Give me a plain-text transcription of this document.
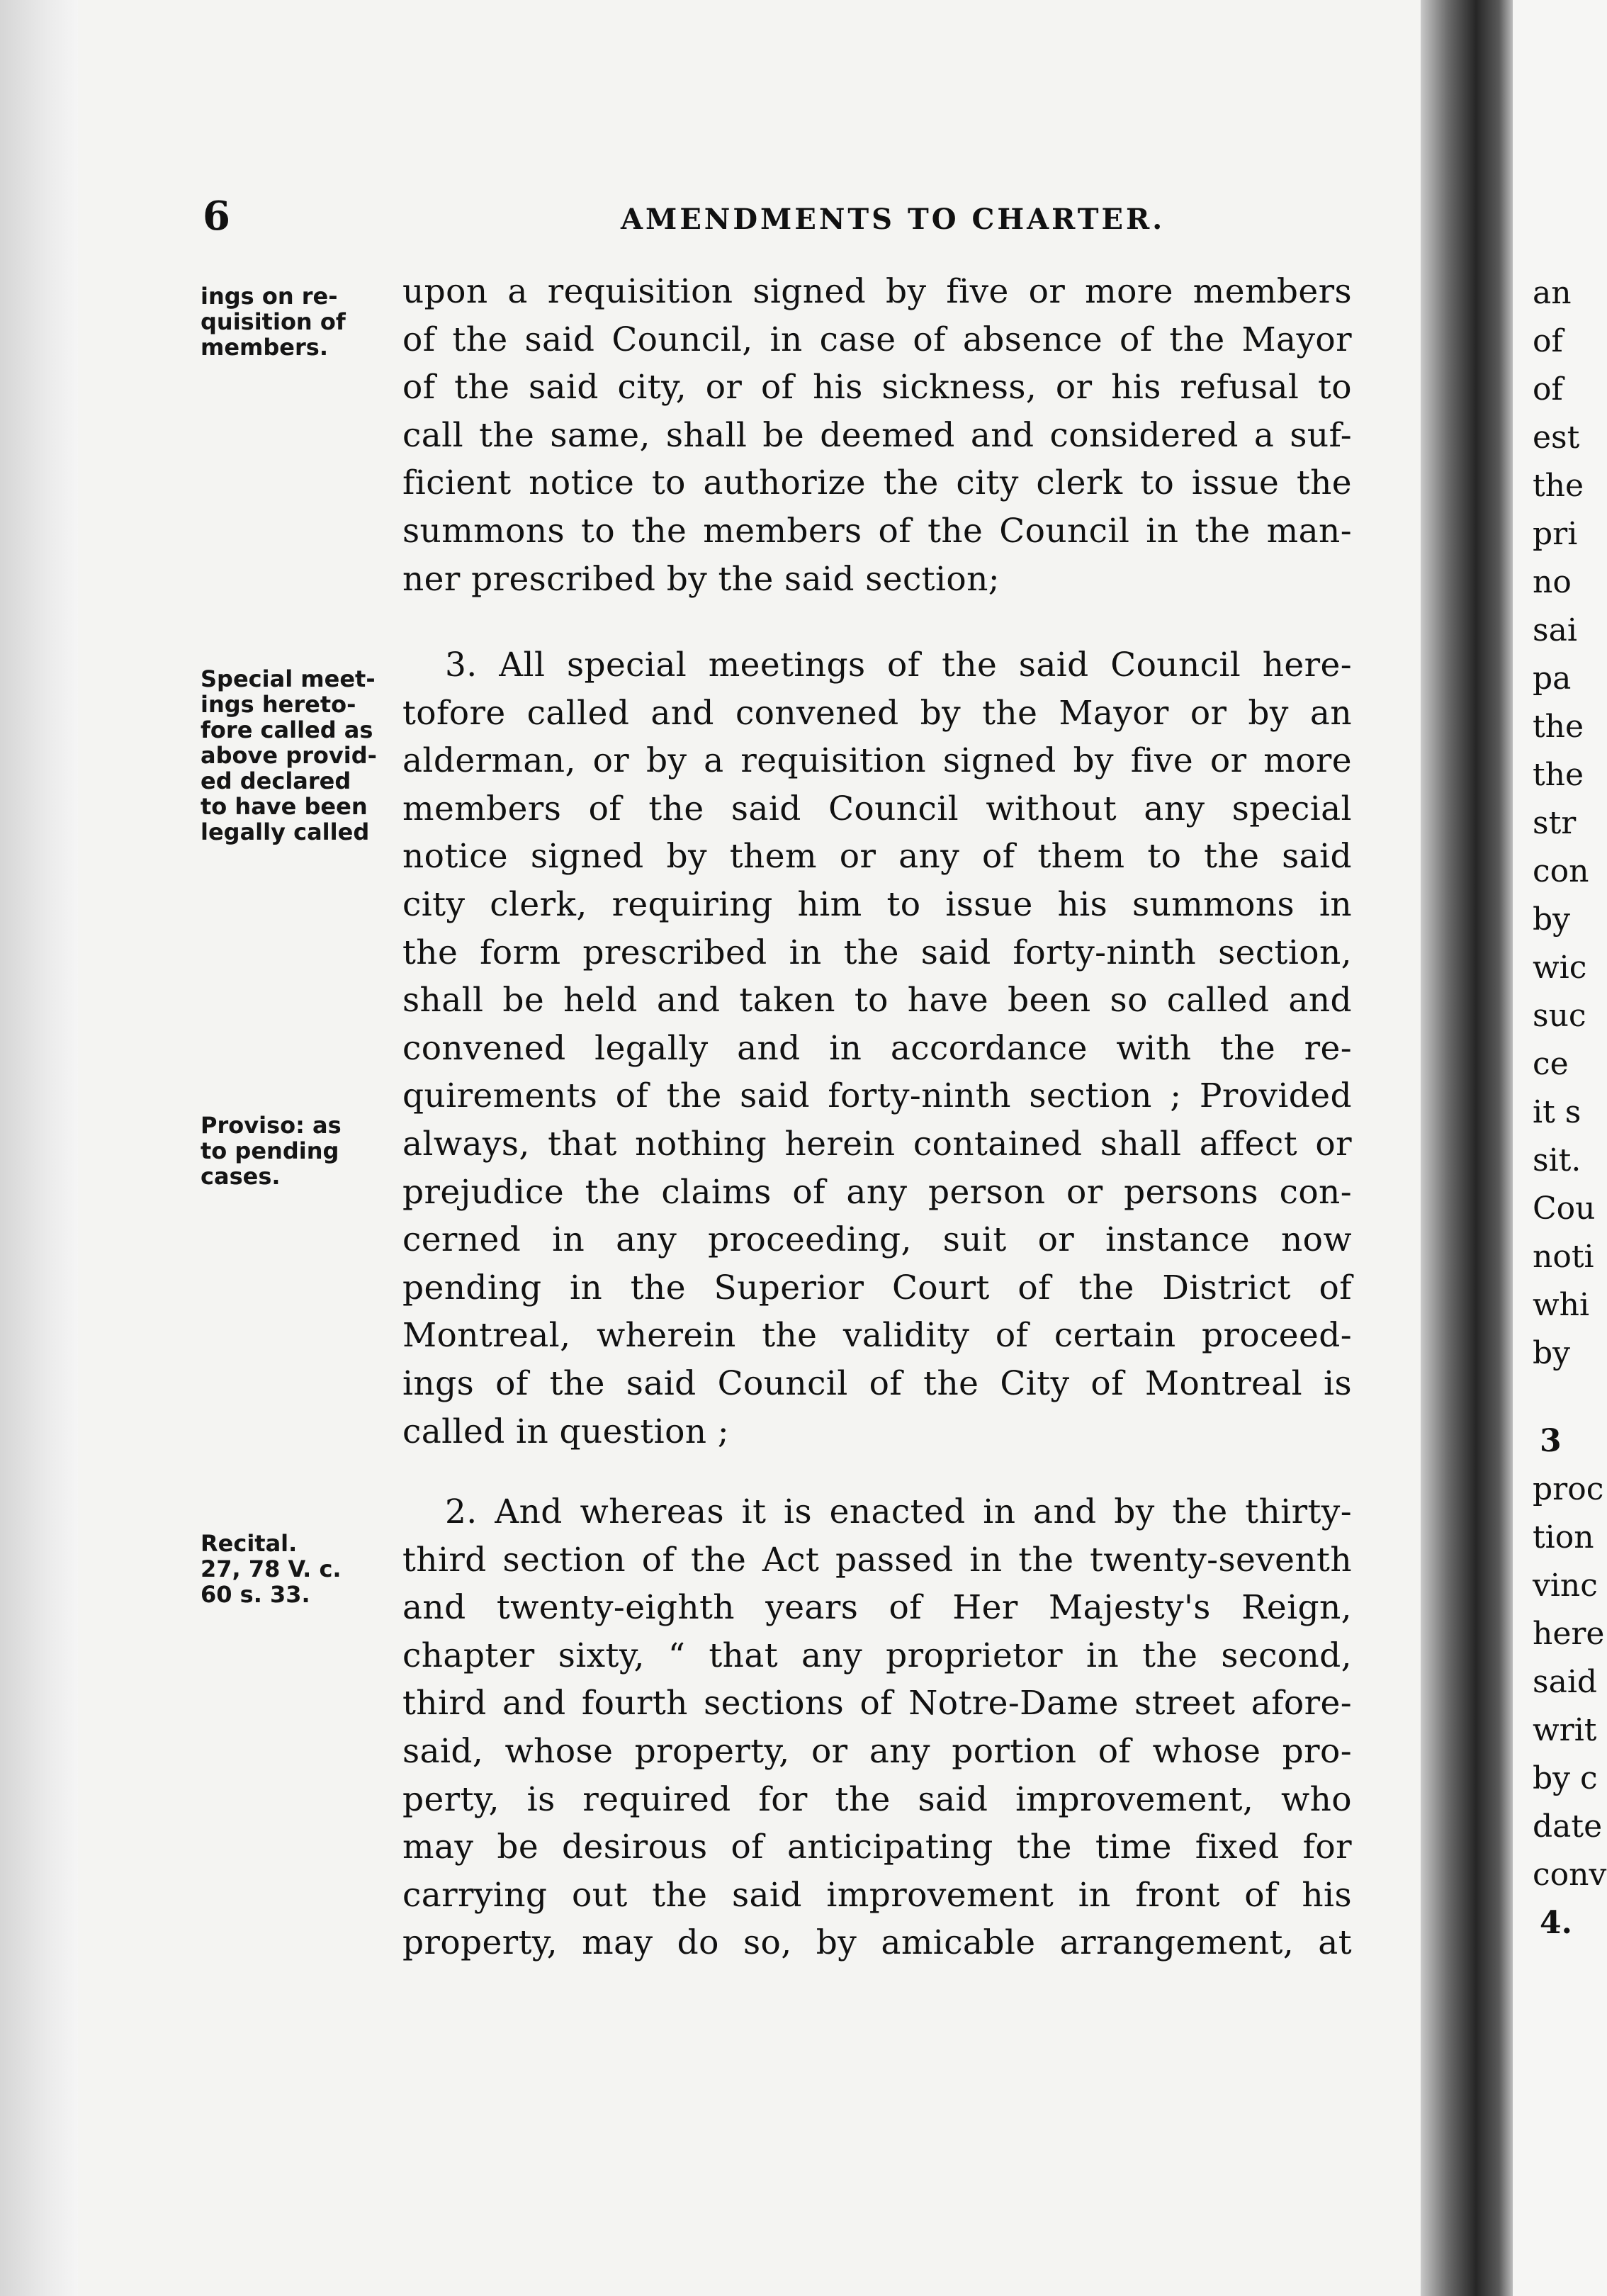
6	AMENDMENTS TO CHARTER.
ings on re-
quisition of
members.
Special meet-
ings hereto-
fore called as
above provid-
ed declared
to have been
legally called
Proviso: as
to pending
cases.
Recital.
27, 78 V. c.
60 s. 33.
upon a requisition signed by five or more members
of the said Council, in case of absence of the Mayor
of the said city, or of his sickness, or his refusal to
call the same, shall be deemed and considered a suf-
ficient notice to authorize the city clerk to issue the
summons to the members of the Council in the man-
ner prescribed by the said section;
3. All special meetings of the said Council here-
tofore called and convened by the Mayor or by an
alderman, or by a requisition signed by five or more
members of the said Council without any special
notice signed by them or any of them to the said
city clerk, requiring him to issue his summons in
the form prescribed in the said forty-ninth section,
shall be held and taken to have been so called and
convened legally and in accordance with the re-
quirements of the said forty-ninth section ; Provided
always, that nothing herein contained shall affect or
prejudice the claims of any person or persons con-
cerned in any proceeding, suit or instance now
pending in the Superior Court of the District of
Montreal, wherein the validity of certain proceed-
ings of the said Council of the City of Montreal is
called in question ;
2. And whereas it is enacted in and by the thirty-
third section of the Act passed in the twenty-seventh
and twenty-eighth years of Her Majesty's Reign,
chapter sixty, “ that any proprietor in the second,
third and fourth sections of Notre-Dame street afore-
said, whose property, or any portion of whose pro-
perty, is required for the said improvement, who
may be desirous of anticipating the time fixed for
carrying out the said improvement in front of his
property, may do so, by amicable arrangement, at
an
of
of
est
the
pri
no
sai
pa
the
the
str
con
by
wic
suc
ce
it s
sit.
Cou
noti
whi
by
3
proc
tion
vinc
here
said
writ
by c
date
conv
4.
